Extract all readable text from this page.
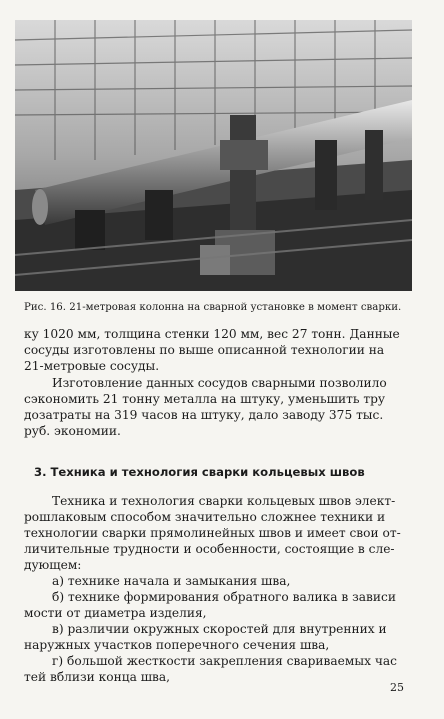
Рис. 16. 21-метровая колонна на сварной установке в момент сварки.
ку 1020 мм, толщина стенки 120 мм, вес 27 тонн. Данные
сосуды изготовлены по выше описанной технологии на
21-метровые сосуды.
Изготовление данных сосудов сварными позволило
сэкономить 21 тонну металла на штуку, уменьшить тру
дозатраты на 319 часов на штуку, дало заводу 375 тыс.
руб. экономии.
3. Техника и технология сварки кольцевых швов
Техника и технология сварки кольцевых швов элект-
рошлаковым способом значительно сложнее техники и
технологии сварки прямолинейных швов и имеет свои от-
личительные трудности и особенности, состоящие в сле-
дующем:
а) технике начала и замыкания шва,
б) технике формирования обратного валика в зависи
мости от диаметра изделия,
в) различии окружных скоростей для внутренних и
наружных участков поперечного сечения шва,
г) большой жесткости закрепления свариваемых час
тей вблизи конца шва,
25
